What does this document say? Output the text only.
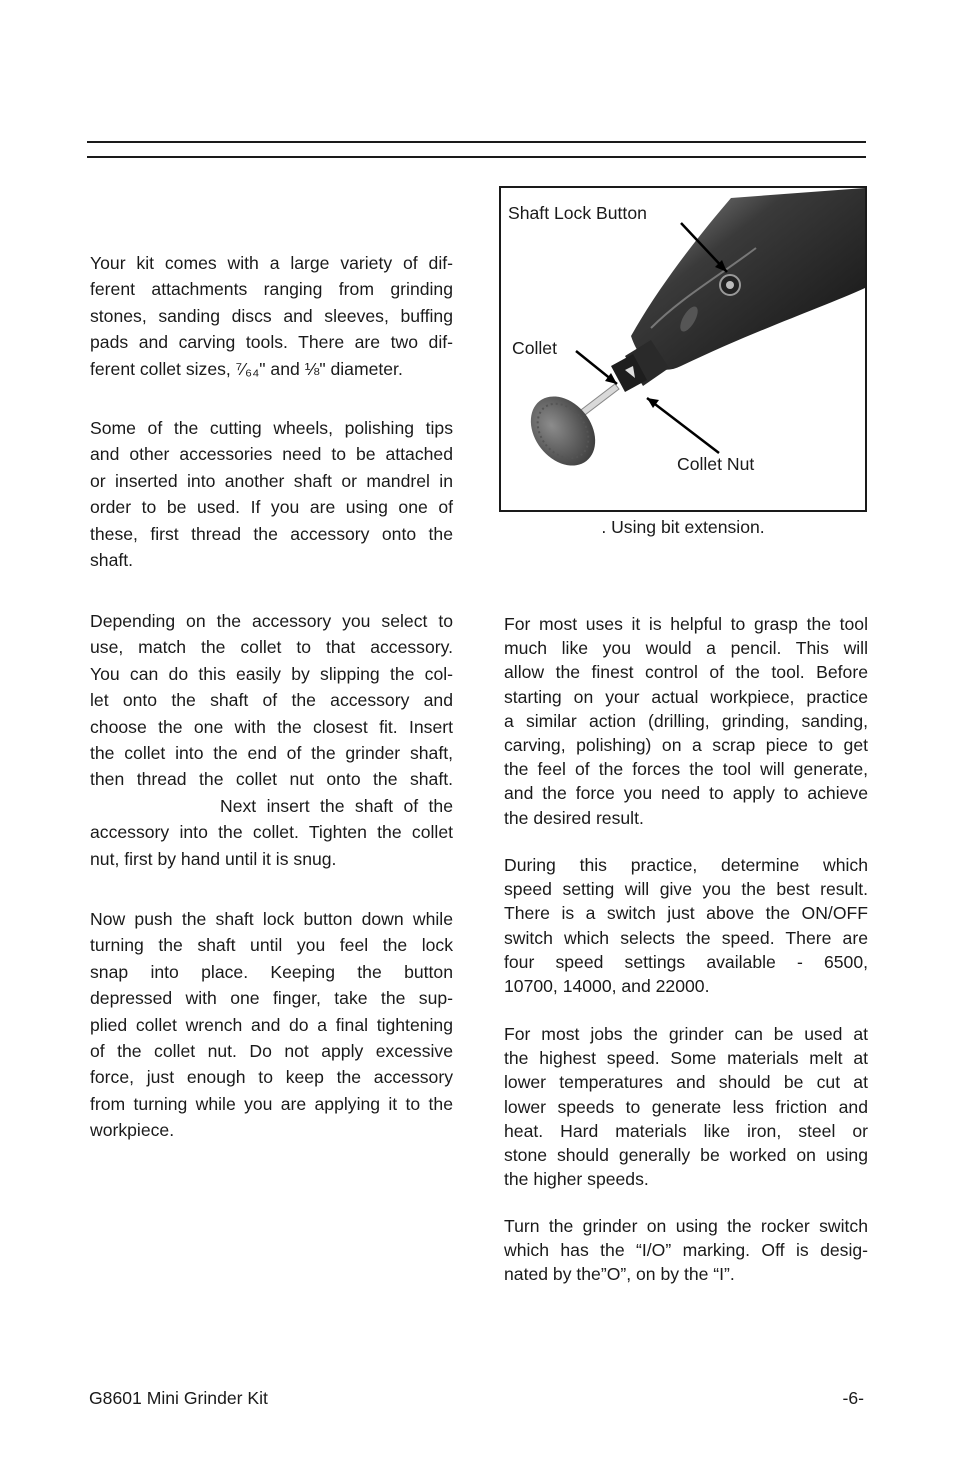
Your kit comes with a large variety of dif-
ferent attachments ranging from grinding
stones, sanding discs and sleeves, buffing
pads and carving tools. There are two dif-
ferent collet sizes, ⁷⁄₆₄" and ⅛" diameter.
Some of the cutting wheels, polishing tips
and other accessories need to be attached
or inserted into another shaft or mandrel in
order to be used. If you are using one of
these, first thread the accessory onto the
shaft.
Depending on the accessory you select to
use, match the collet to that accessory.
You can do this easily by slipping the col-
let onto the shaft of the accessory and
choose the one with the closest fit. Insert
the collet into the end of the grinder shaft,
then thread the collet nut onto the shaft.
Next insert the shaft of the
accessory into the collet. Tighten the collet
nut, first by hand until it is snug.
Now push the shaft lock button down while
turning the shaft until you feel the lock
snap into place. Keeping the button
depressed with one finger, take the sup-
plied collet wrench and do a final tightening
of the collet nut. Do not apply excessive
force, just enough to keep the accessory
from turning while you are applying it to the
workpiece.
Shaft Lock Button
Collet
Collet Nut
. Using bit extension.
For most uses it is helpful to grasp the tool
much like you would a pencil. This will
allow the finest control of the tool. Before
starting on your actual workpiece, practice
a similar action (drilling, grinding, sanding,
carving, polishing) on a scrap piece to get
the feel of the forces the tool will generate,
and the force you need to apply to achieve
the desired result.
During this practice, determine which
speed setting will give you the best result.
There is a switch just above the ON/OFF
switch which selects the speed. There are
four speed settings available - 6500,
10700, 14000, and 22000.
For most jobs the grinder can be used at
the highest speed. Some materials melt at
lower temperatures and should be cut at
lower speeds to generate less friction and
heat. Hard materials like iron, steel or
stone should generally be worked on using
the higher speeds.
Turn the grinder on using the rocker switch
which has the “I/O” marking. Off is desig-
nated by the”O”, on by the “I”.
G8601 Mini Grinder Kit	-6-
